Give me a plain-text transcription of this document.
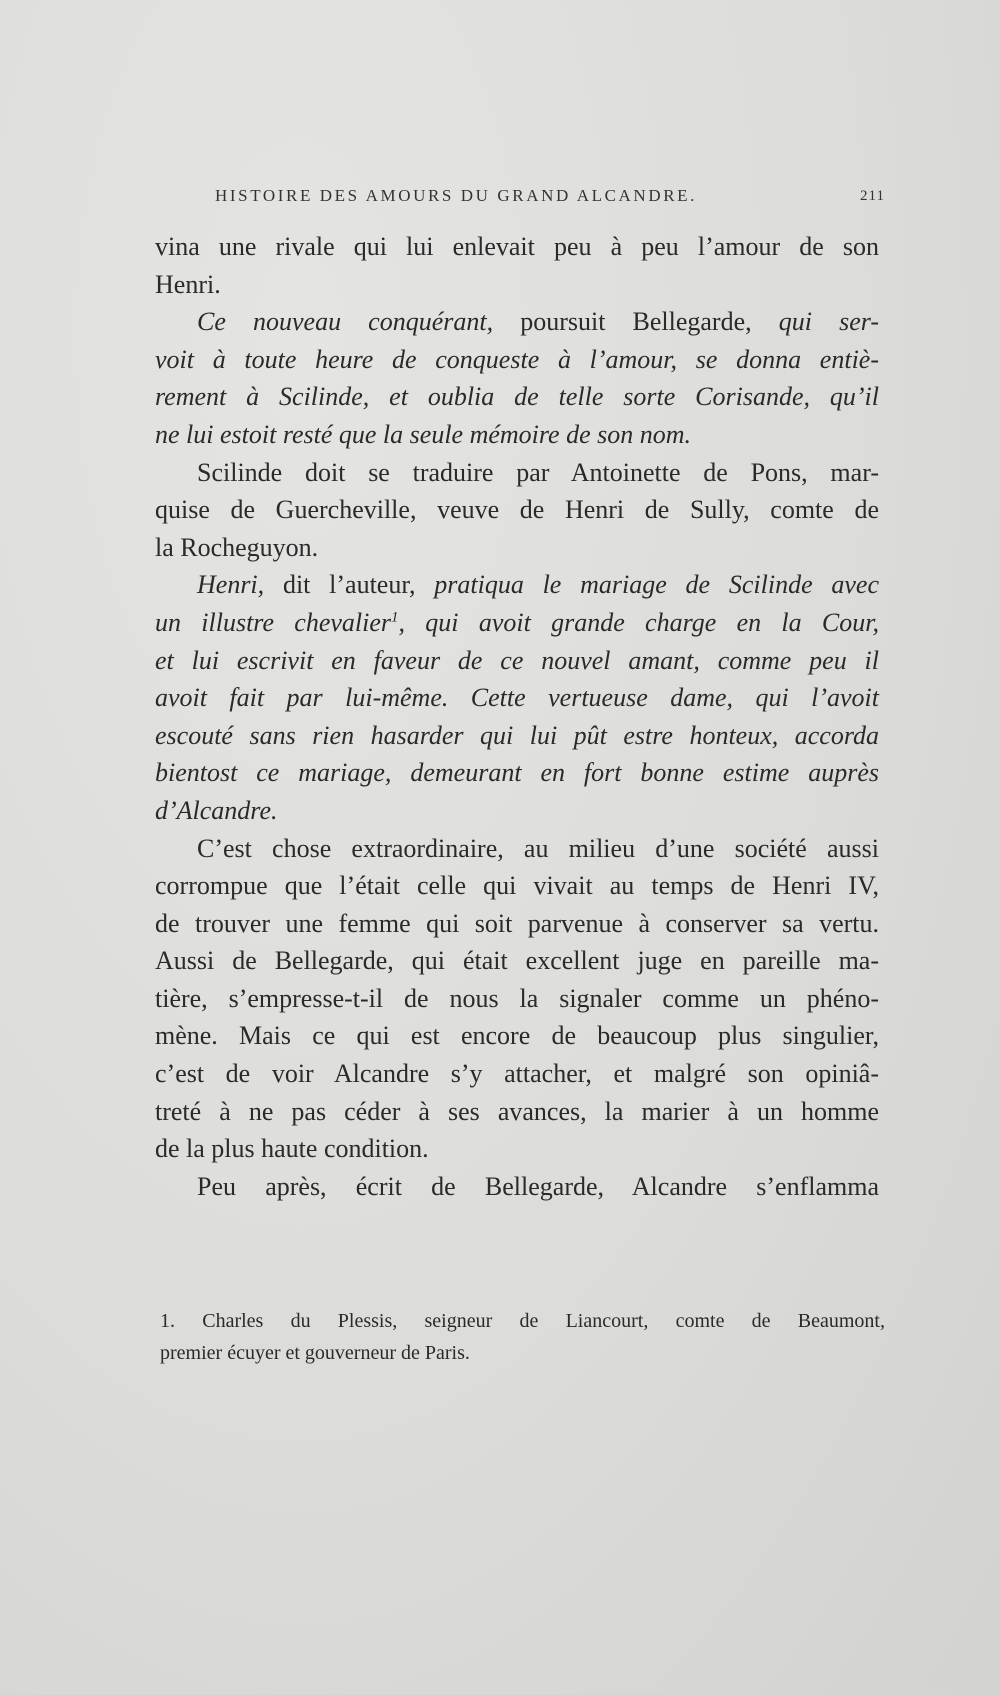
HISTOIRE DES AMOURS DU GRAND ALCANDRE.	211
vina une rivale qui lui enlevait peu à peu l’amour de son
Henri.
Ce nouveau conquérant, poursuit Bellegarde, qui ser-
voit à toute heure de conqueste à l’amour, se donna entiè-
rement à Scilinde, et oublia de telle sorte Corisande, qu’il
ne lui estoit resté que la seule mémoire de son nom.
Scilinde doit se traduire par Antoinette de Pons, mar-
quise de Guercheville, veuve de Henri de Sully, comte de
la Rocheguyon.
Henri, dit l’auteur, pratiqua le mariage de Scilinde avec
un illustre chevalier$^1$, qui avoit grande charge en la Cour,
et lui escrivit en faveur de ce nouvel amant, comme peu il
avoit fait par lui-même. Cette vertueuse dame, qui l’avoit
escouté sans rien hasarder qui lui pût estre honteux, accorda
bientost ce mariage, demeurant en fort bonne estime auprès
d’Alcandre.
C’est chose extraordinaire, au milieu d’une société aussi
corrompue que l’était celle qui vivait au temps de Henri IV,
de trouver une femme qui soit parvenue à conserver sa vertu.
Aussi de Bellegarde, qui était excellent juge en pareille ma-
tière, s’empresse-t-il de nous la signaler comme un phéno-
mène. Mais ce qui est encore de beaucoup plus singulier,
c’est de voir Alcandre s’y attacher, et malgré son opiniâ-
treté à ne pas céder à ses avances, la marier à un homme
de la plus haute condition.
Peu après, écrit de Bellegarde, Alcandre s’enflamma
1. Charles du Plessis, seigneur de Liancourt, comte de Beaumont,
premier écuyer et gouverneur de Paris.
